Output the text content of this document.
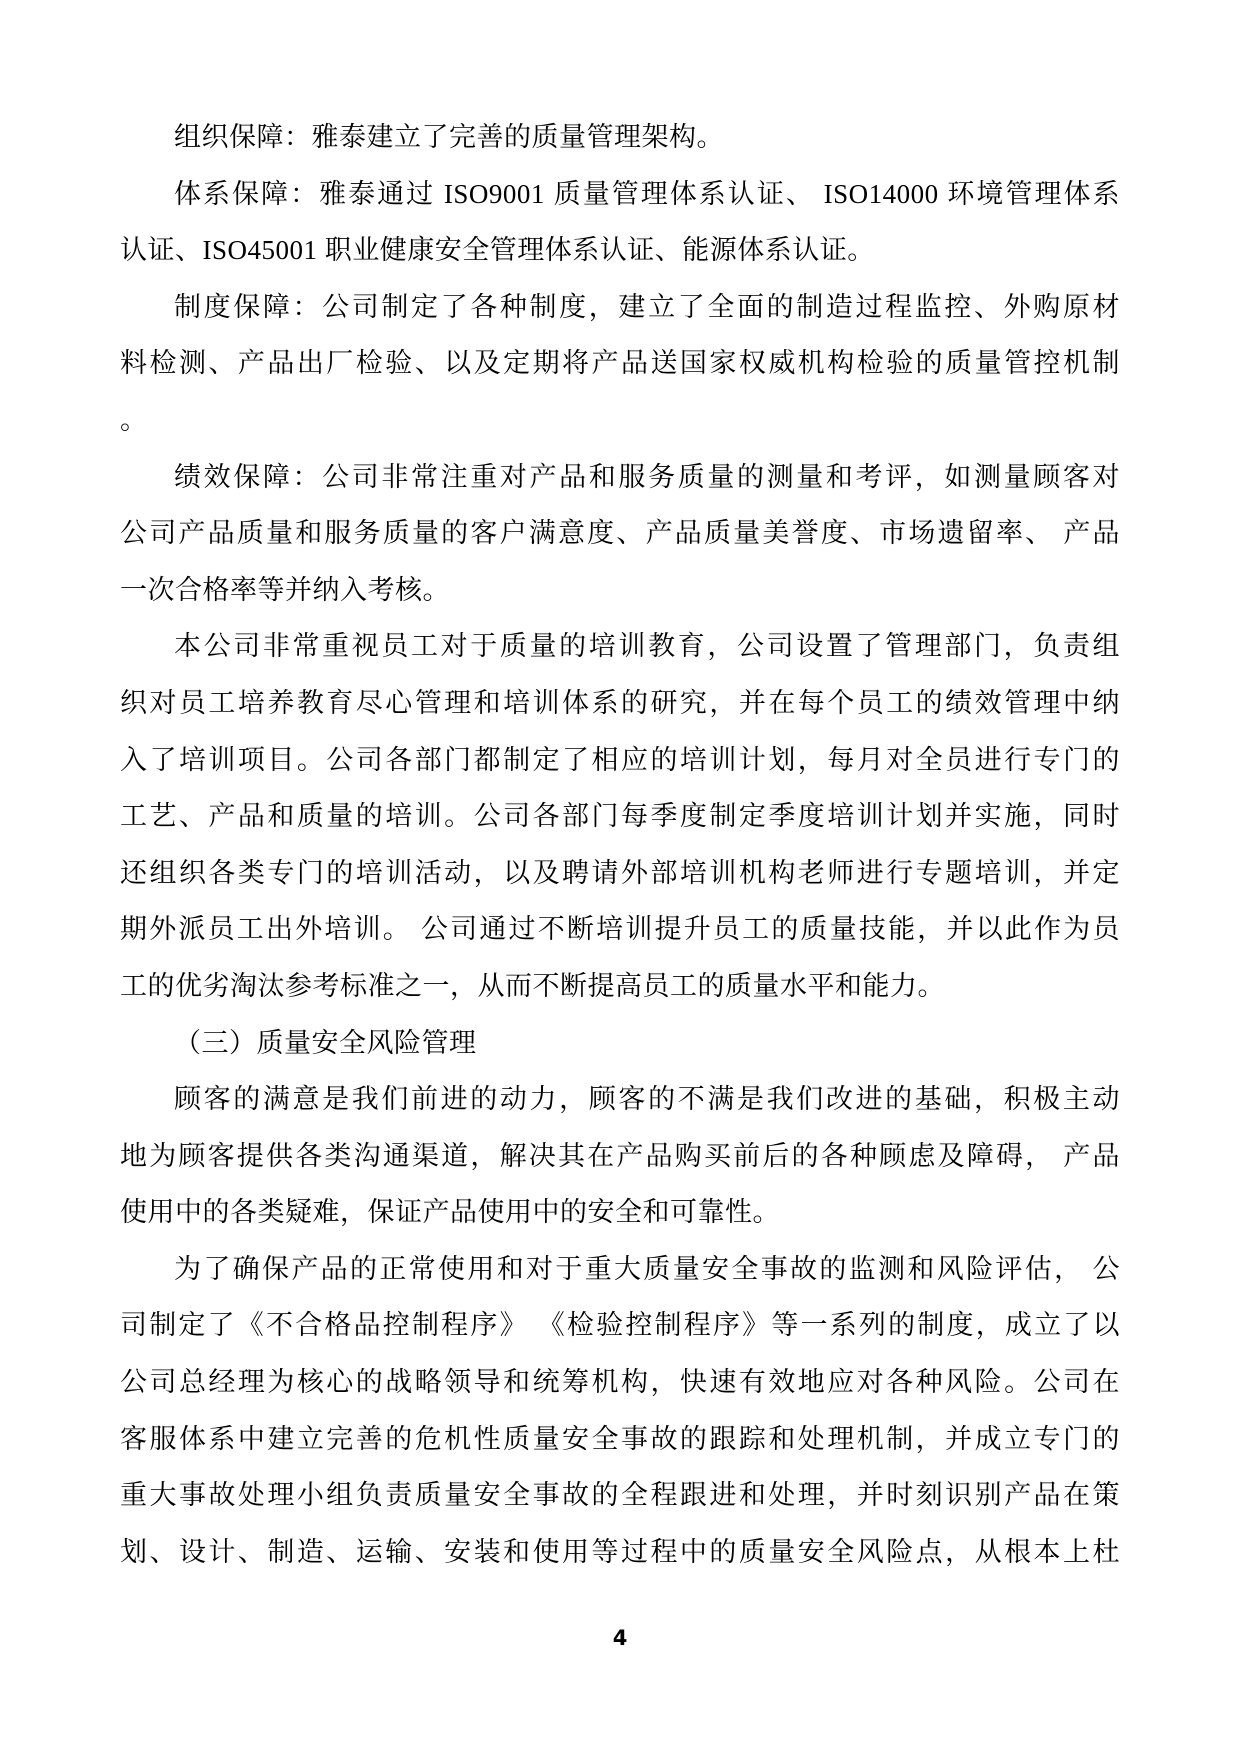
组织保障：雅泰建立了完善的质量管理架构。
体系保障：雅泰通过 ISO9001 质量管理体系认证、 ISO14000 环境管理体系
认证、ISO45001 职业健康安全管理体系认证、能源体系认证。
制度保障：公司制定了各种制度，建立了全面的制造过程监控、外购原材
料检测、产品出厂检验、以及定期将产品送国家权威机构检验的质量管控机制
。
绩效保障：公司非常注重对产品和服务质量的测量和考评，如测量顾客对
公司产品质量和服务质量的客户满意度、产品质量美誉度、市场遗留率、 产品
一次合格率等并纳入考核。
本公司非常重视员工对于质量的培训教育，公司设置了管理部门，负责组
织对员工培养教育尽心管理和培训体系的研究，并在每个员工的绩效管理中纳
入了培训项目。公司各部门都制定了相应的培训计划，每月对全员进行专门的
工艺、产品和质量的培训。公司各部门每季度制定季度培训计划并实施，同时
还组织各类专门的培训活动，以及聘请外部培训机构老师进行专题培训，并定
期外派员工出外培训。 公司通过不断培训提升员工的质量技能，并以此作为员
工的优劣淘汰参考标准之一，从而不断提高员工的质量水平和能力。
（三）质量安全风险管理
顾客的满意是我们前进的动力，顾客的不满是我们改进的基础，积极主动
地为顾客提供各类沟通渠道，解决其在产品购买前后的各种顾虑及障碍， 产品
使用中的各类疑难，保证产品使用中的安全和可靠性。
为了确保产品的正常使用和对于重大质量安全事故的监测和风险评估， 公
司制定了《不合格品控制程序》 《检验控制程序》等一系列的制度，成立了以
公司总经理为核心的战略领导和统筹机构，快速有效地应对各种风险。公司在
客服体系中建立完善的危机性质量安全事故的跟踪和处理机制，并成立专门的
重大事故处理小组负责质量安全事故的全程跟进和处理，并时刻识别产品在策
划、设计、制造、运输、安装和使用等过程中的质量安全风险点，从根本上杜
4
